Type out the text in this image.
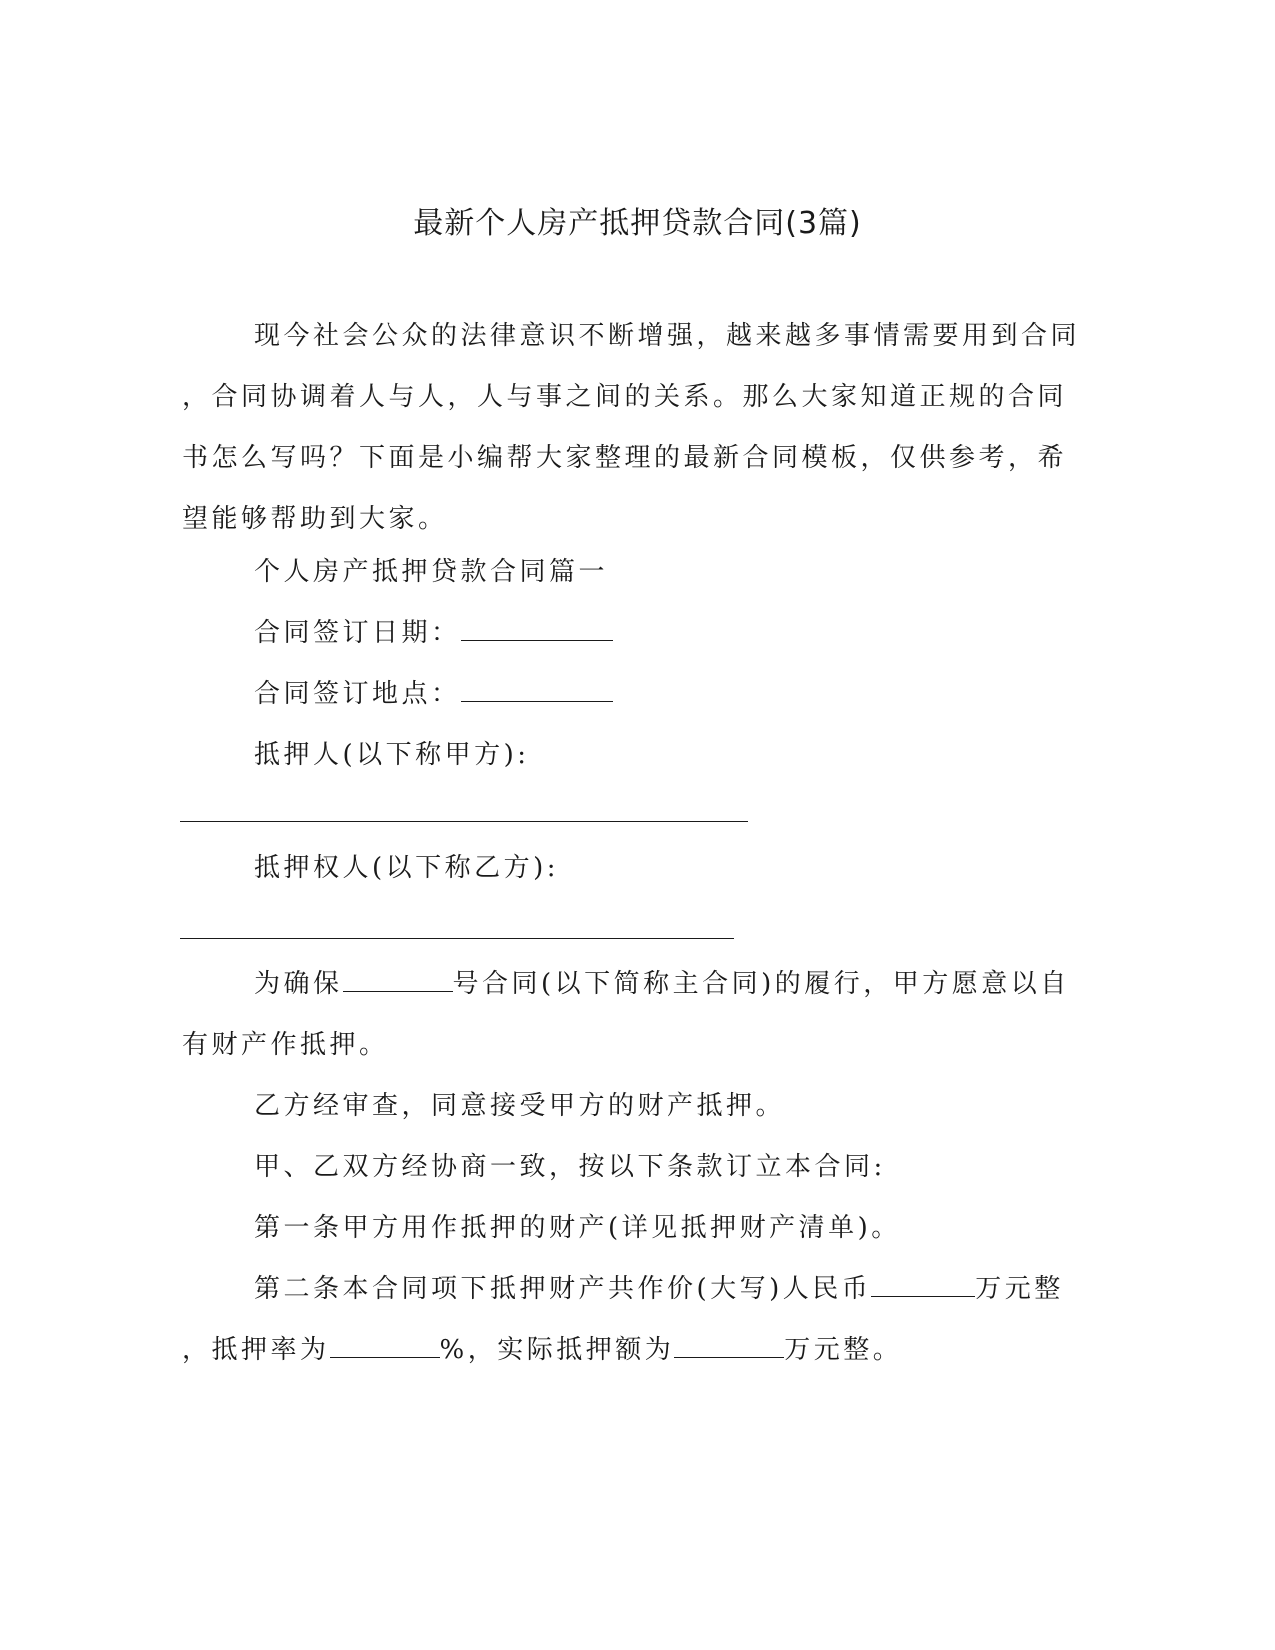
最新个人房产抵押贷款合同(3篇)

现今社会公众的法律意识不断增强，越来越多事情需要用到合同

，合同协调着人与人，人与事之间的关系。那么大家知道正规的合同

书怎么写吗？下面是小编帮大家整理的最新合同模板，仅供参考，希

望能够帮助到大家。

个人房产抵押贷款合同篇一

合同签订日期：

合同签订地点：

抵押人(以下称甲方):

抵押权人(以下称乙方):

为确保	号合同(以下简称主合同)的履行，甲方愿意以自

有财产作抵押。

乙方经审查，同意接受甲方的财产抵押。

甲、乙双方经协商一致，按以下条款订立本合同:

第一条甲方用作抵押的财产(详见抵押财产清单)。

第二条本合同项下抵押财产共作价(大写)人民币	万元整

，抵押率为	%，实际抵押额为	万元整。
